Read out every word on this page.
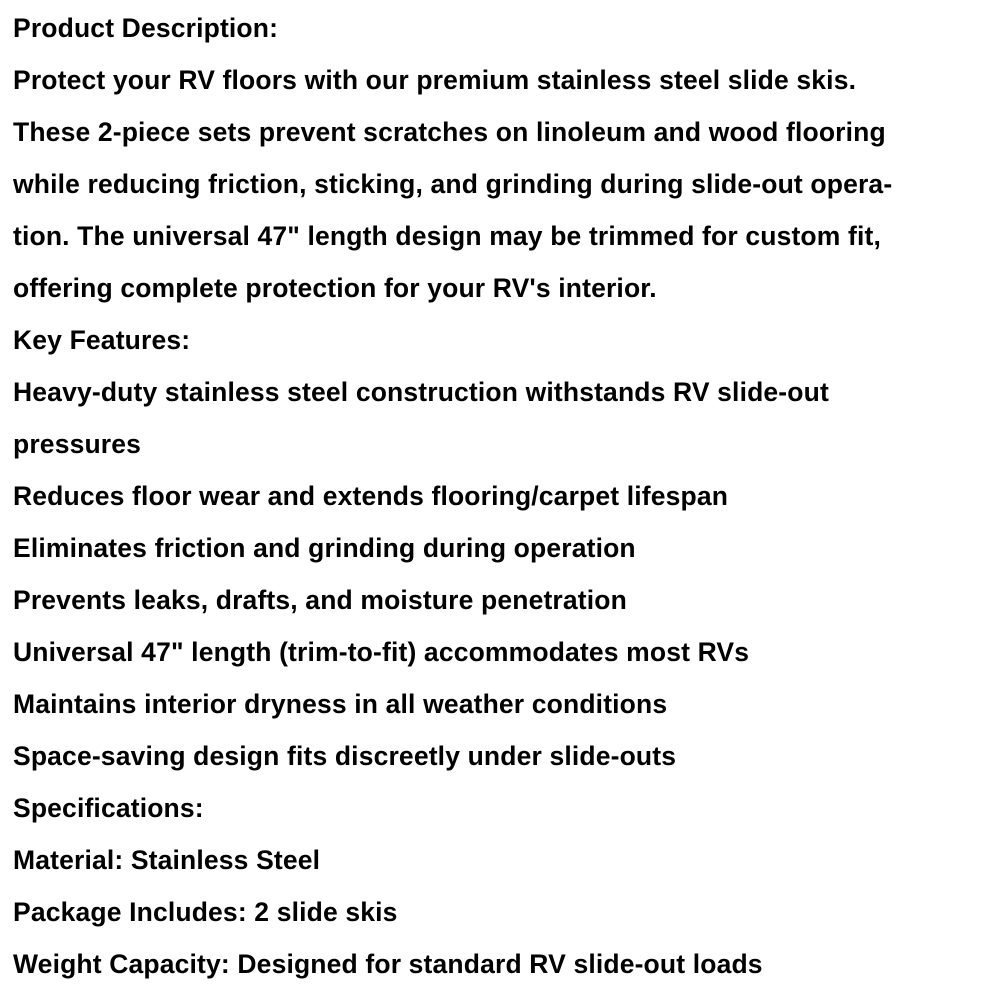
Product Description:
Protect your RV floors with our premium stainless steel slide skis.
These 2-piece sets prevent scratches on linoleum and wood flooring
while reducing friction, sticking, and grinding during slide-out opera-
tion. The universal 47" length design may be trimmed for custom fit,
offering complete protection for your RV's interior.
Key Features:
Heavy-duty stainless steel construction withstands RV slide-out
pressures
Reduces floor wear and extends flooring/carpet lifespan
Eliminates friction and grinding during operation
Prevents leaks, drafts, and moisture penetration
Universal 47" length (trim-to-fit) accommodates most RVs
Maintains interior dryness in all weather conditions
Space-saving design fits discreetly under slide-outs
Specifications:
Material: Stainless Steel
Package Includes: 2 slide skis
Weight Capacity: Designed for standard RV slide-out loads
